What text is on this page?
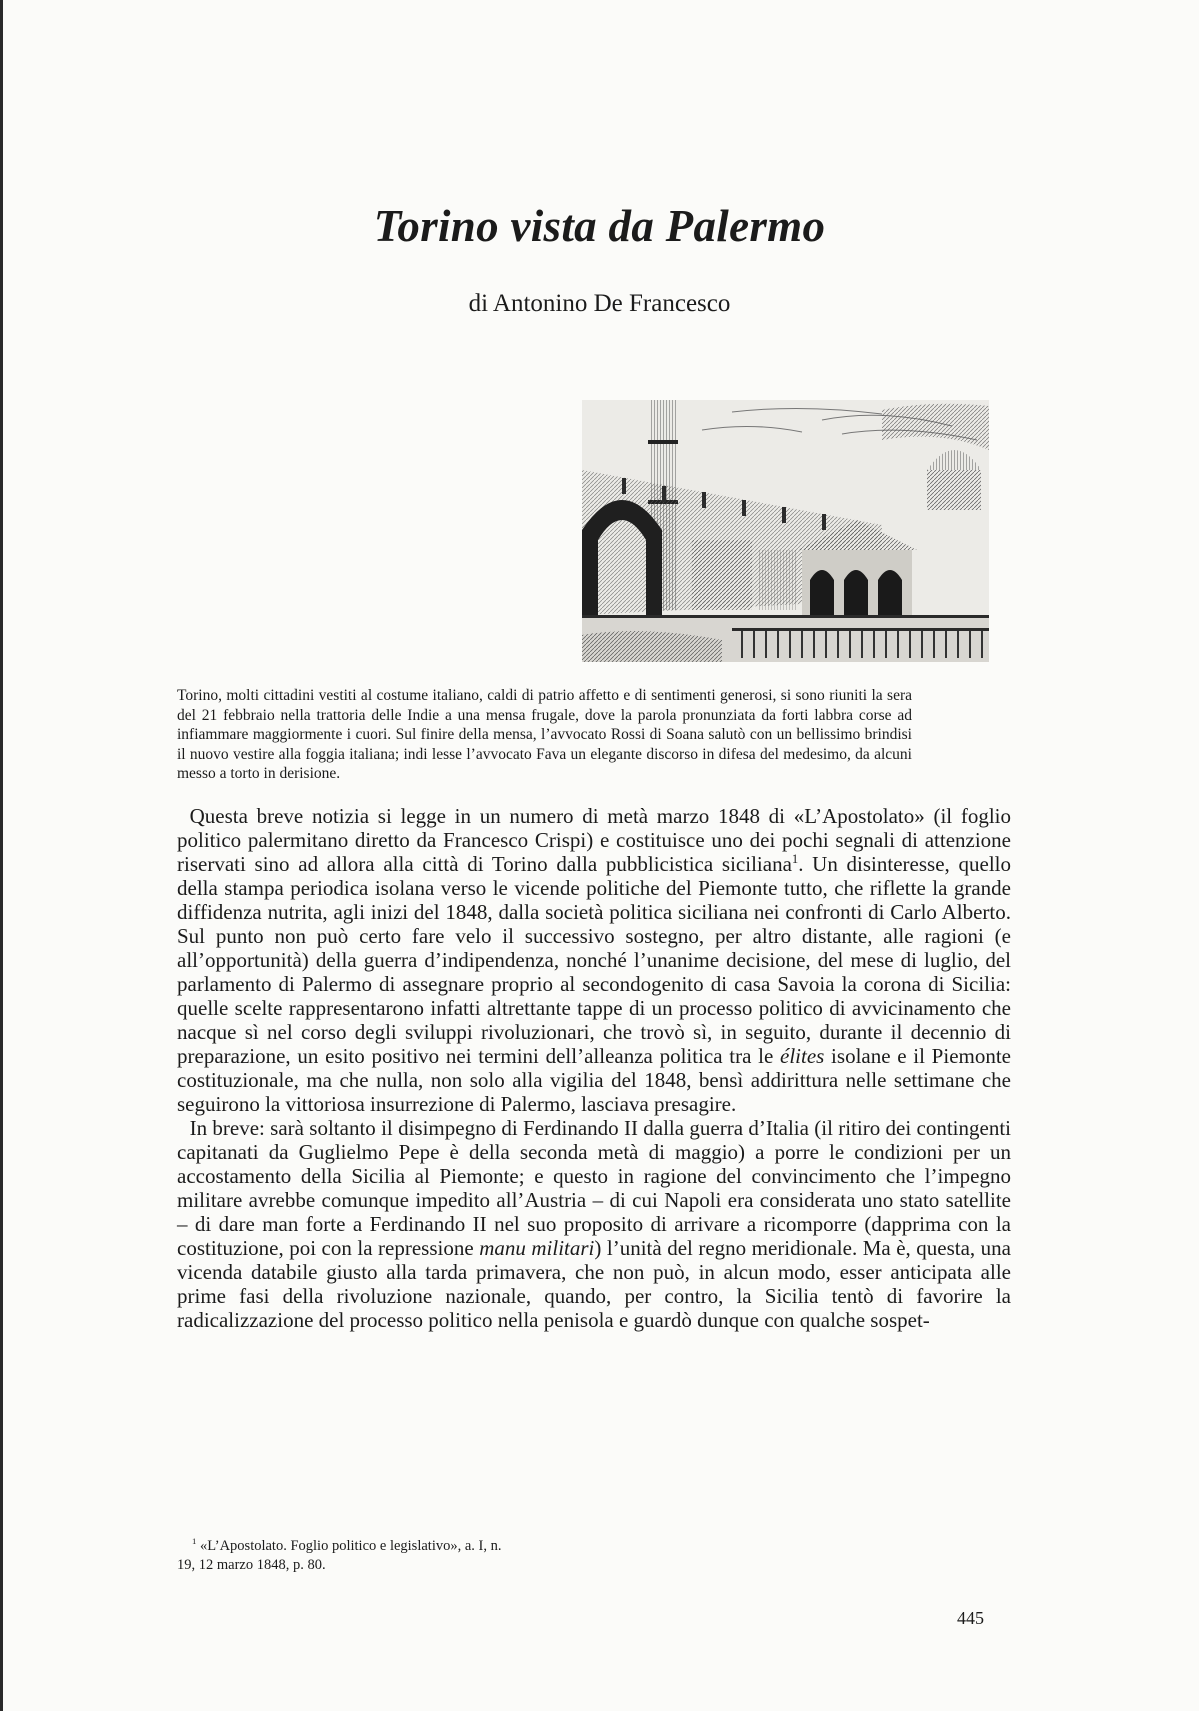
Torino vista da Palermo
di Antonino De Francesco
Torino, molti cittadini vestiti al costume italiano, caldi di patrio affetto e di sentimenti generosi, si sono riuniti la sera del 21 febbraio nella trattoria delle Indie a una mensa frugale, dove la parola pronunziata da forti labbra corse ad infiammare maggiormente i cuori. Sul finire della mensa, l’avvocato Rossi di Soana salutò con un bellissimo brindisi il nuovo vestire alla foggia italiana; indi lesse l’avvocato Fava un elegante discorso in difesa del medesimo, da alcuni messo a torto in derisione.

Questa breve notizia si legge in un numero di metà marzo 1848 di «L’Apostolato» (il foglio politico palermitano diretto da Francesco Crispi) e costituisce uno dei pochi segnali di attenzione riservati sino ad allora alla città di Torino dalla pubblicistica siciliana$^1$. Un disinteresse, quello della stampa periodica isolana verso le vicende politiche del Piemonte tutto, che riflette la grande diffidenza nutrita, agli inizi del 1848, dalla società politica siciliana nei confronti di Carlo Alberto. Sul punto non può certo fare velo il successivo sostegno, per altro distante, alle ragioni (e all’opportunità) della guerra d’indipendenza, nonché l’unanime decisione, del mese di luglio, del parlamento di Palermo di assegnare proprio al secondogenito di casa Savoia la corona di Sicilia: quelle scelte rappresentarono infatti altrettante tappe di un processo politico di avvicinamento che nacque sì nel corso degli sviluppi rivoluzionari, che trovò sì, in seguito, durante il decennio di preparazione, un esito positivo nei termini dell’alleanza politica tra le élites isolane e il Piemonte costituzionale, ma che nulla, non solo alla vigilia del 1848, bensì addirittura nelle settimane che seguirono la vittoriosa insurrezione di Palermo, lasciava presagire.

In breve: sarà soltanto il disimpegno di Ferdinando II dalla guerra d’Italia (il ritiro dei contingenti capitanati da Guglielmo Pepe è della seconda metà di maggio) a porre le condizioni per un accostamento della Sicilia al Piemonte; e questo in ragione del convincimento che l’impegno militare avrebbe comunque impedito all’Austria – di cui Napoli era considerata uno stato satellite – di dare man forte a Ferdinando II nel suo proposito di arrivare a ricomporre (dapprima con la costituzione, poi con la repressione manu militari) l’unità del regno meridionale. Ma è, questa, una vicenda databile giusto alla tarda primavera, che non può, in alcun modo, esser anticipata alle prime fasi della rivoluzione nazionale, quando, per contro, la Sicilia tentò di favorire la radicalizzazione del processo politico nella penisola e guardò dunque con qualche sospet-

$^1$ «L’Apostolato. Foglio politico e legislativo», a. I, n.
19, 12 marzo 1848, p. 80.
445
